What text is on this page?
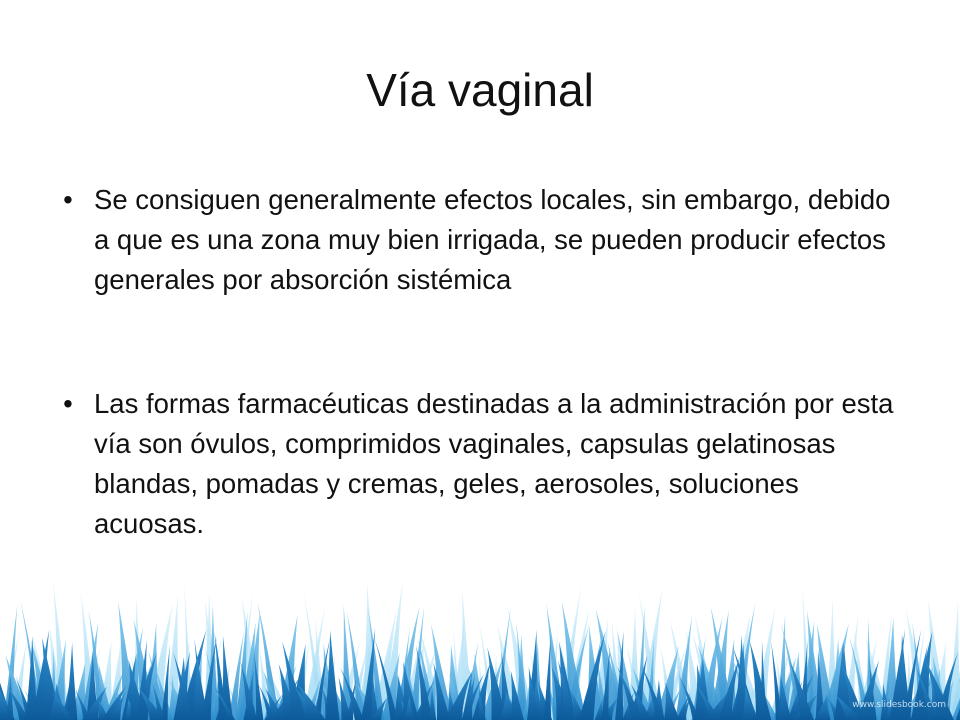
Vía vaginal
• Se consiguen generalmente efectos locales, sin embargo, debido a que es una zona muy bien irrigada, se pueden producir efectos generales por absorción sistémica
• Las formas farmacéuticas destinadas a la administración por esta vía son óvulos, comprimidos vaginales, capsulas gelatinosas blandas, pomadas y cremas, geles, aerosoles, soluciones acuosas.
www.slidesbook.com
